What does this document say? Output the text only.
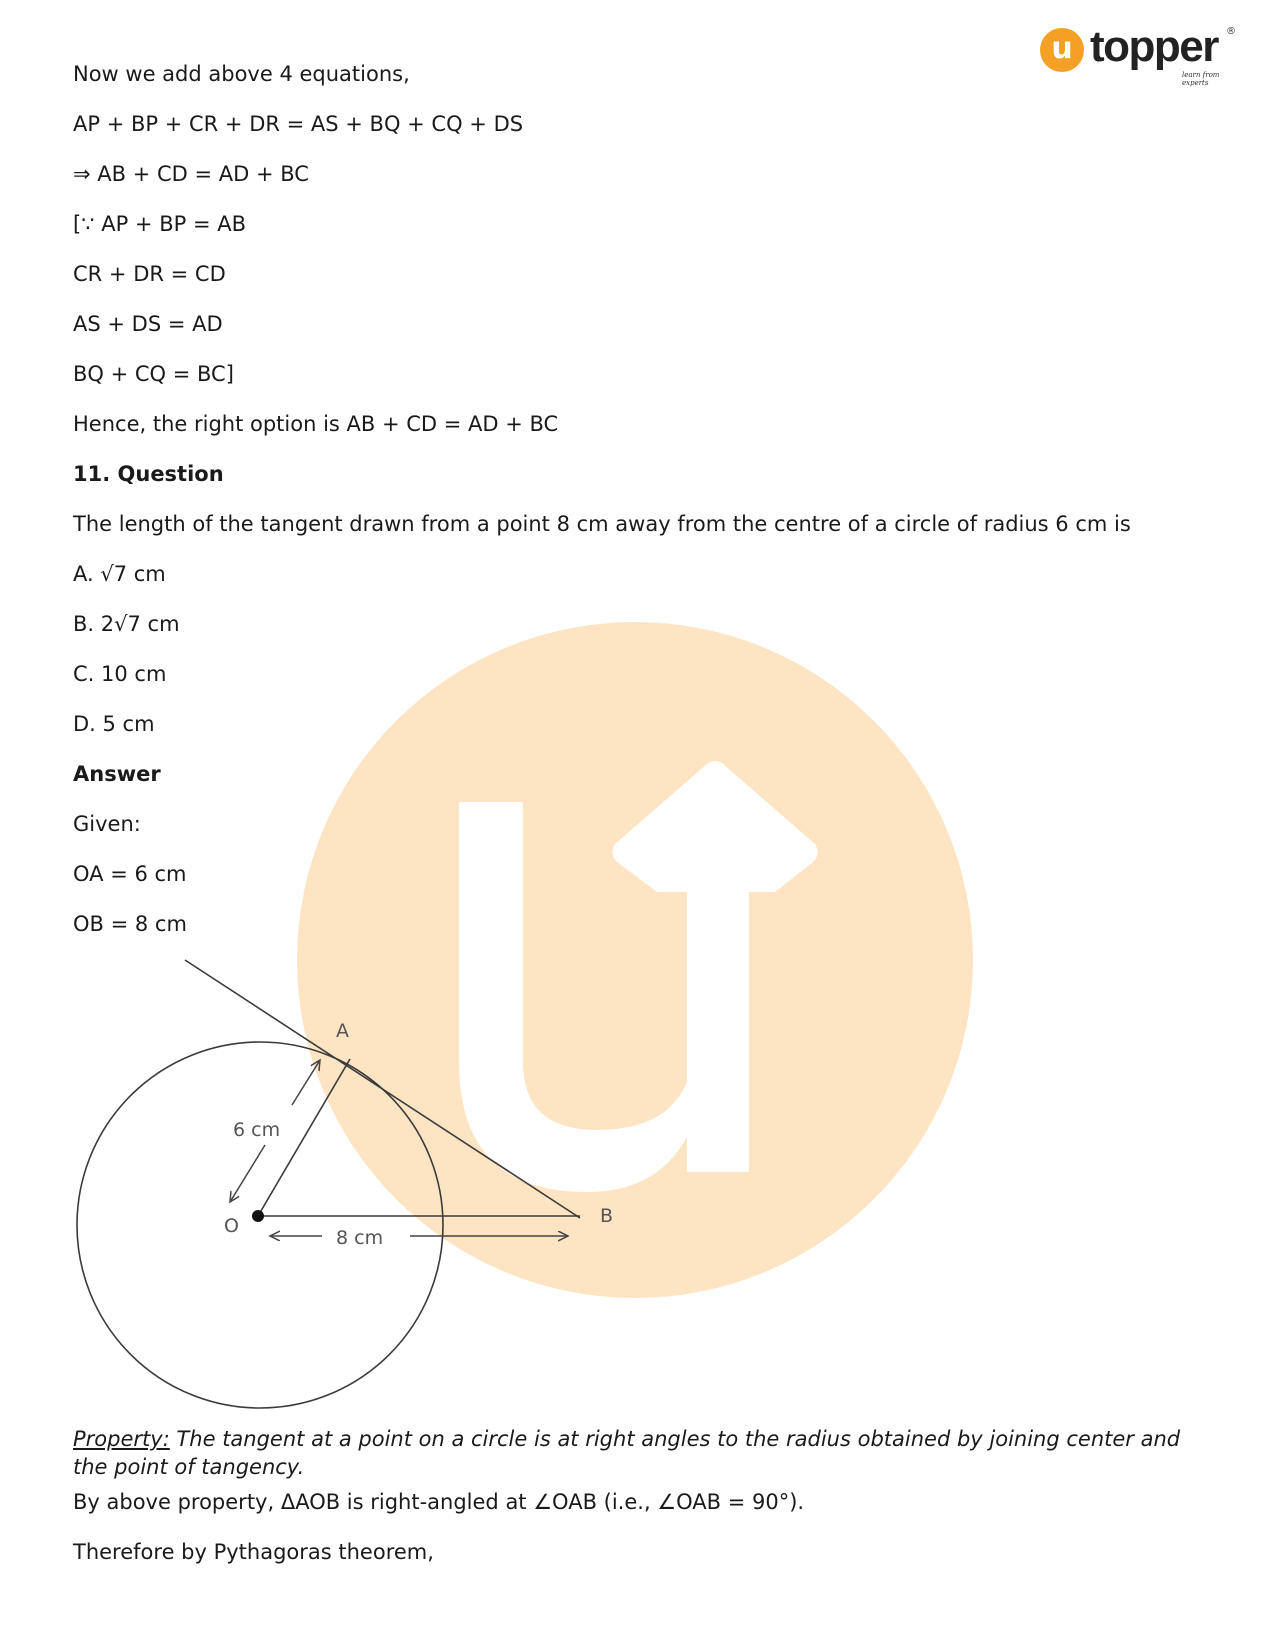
u topper ®
learn from experts

Now we add above 4 equations,

AP + BP + CR + DR = AS + BQ + CQ + DS

⇒ AB + CD = AD + BC

[∵ AP + BP = AB

CR + DR = CD

AS + DS = AD

BQ + CQ = BC]

Hence, the right option is AB + CD = AD + BC

11. Question

The length of the tangent drawn from a point 8 cm away from the centre of a circle of radius 6 cm is

A. √7 cm

B. 2√7 cm

C. 10 cm

D. 5 cm

Answer

Given:

OA = 6 cm

OB = 8 cm

A
B
O
6 cm
8 cm

Property: The tangent at a point on a circle is at right angles to the radius obtained by joining center and the point of tangency.

By above property, ΔAOB is right-angled at ∠OAB (i.e., ∠OAB = 90°).

Therefore by Pythagoras theorem,
